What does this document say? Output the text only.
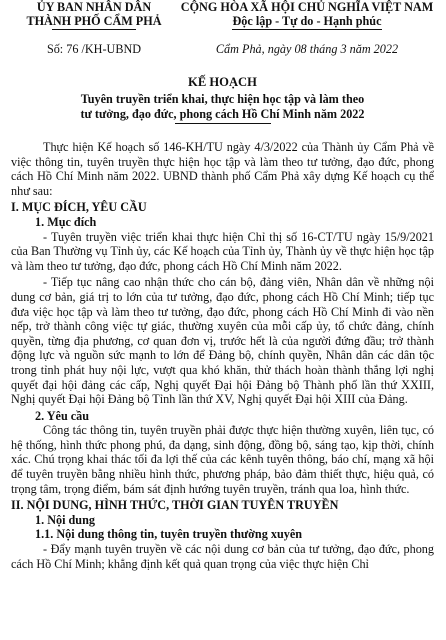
ỦY BAN NHÂN DÂN
THÀNH PHỐ CẨM PHẢ
CỘNG HÒA XÃ HỘI CHỦ NGHĨA VIỆT NAM
Độc lập - Tự do - Hạnh phúc
Số: 76 /KH-UBND	Cẩm Phả, ngày 08 tháng 3 năm 2022
KẾ HOẠCH
Tuyên truyền triển khai, thực hiện học tập và làm theo
tư tưởng, đạo đức, phong cách Hồ Chí Minh năm 2022

Thực hiện Kế hoạch số 146-KH/TU ngày 4/3/2022 của Thành ủy Cẩm Phả về việc thông tin, tuyên truyền thực hiện học tập và làm theo tư tưởng, đạo đức, phong cách Hồ Chí Minh năm 2022. UBND thành phố Cẩm Phả xây dựng Kế hoạch cụ thể như sau:

I. MỤC ĐÍCH, YÊU CẦU

1. Mục đích

- Tuyên truyền việc triển khai thực hiện Chỉ thị số 16-CT/TU ngày 15/9/2021 của Ban Thường vụ Tỉnh ủy, các Kế hoạch của Tỉnh ủy, Thành ủy về thực hiện học tập và làm theo tư tưởng, đạo đức, phong cách Hồ Chí Minh năm 2022.

- Tiếp tục nâng cao nhận thức cho cán bộ, đảng viên, Nhân dân về những nội dung cơ bản, giá trị to lớn của tư tưởng, đạo đức, phong cách Hồ Chí Minh; tiếp tục đưa việc học tập và làm theo tư tưởng, đạo đức, phong cách Hồ Chí Minh đi vào nền nếp, trở thành công việc tự giác, thường xuyên của mỗi cấp ủy, tổ chức đảng, chính quyền, từng địa phương, cơ quan đơn vị, trước hết là của người đứng đầu; trở thành động lực và nguồn sức mạnh to lớn để Đảng bộ, chính quyền, Nhân dân các dân tộc trong tỉnh phát huy nội lực, vượt qua khó khăn, thử thách hoàn thành thắng lợi nghị quyết đại hội đảng các cấp, Nghị quyết Đại hội Đảng bộ Thành phố lần thứ XXIII, Nghị quyết Đại hội Đảng bộ Tỉnh lần thứ XV, Nghị quyết Đại hội XIII của Đảng.

2. Yêu cầu

Công tác thông tin, tuyên truyền phải được thực hiện thường xuyên, liên tục, có hệ thống, hình thức phong phú, đa dạng, sinh động, đồng bộ, sáng tạo, kịp thời, chính xác. Chú trọng khai thác tối đa lợi thế của các kênh tuyên thông, báo chí, mạng xã hội để tuyên truyền bằng nhiều hình thức, phương pháp, bảo đảm thiết thực, hiệu quả, có trọng tâm, trọng điểm, bám sát định hướng tuyên truyền, tránh qua loa, hình thức.

II. NỘI DUNG, HÌNH THỨC, THỜI GIAN TUYÊN TRUYỀN

1. Nội dung

1.1. Nội dung thông tin, tuyên truyền thường xuyên

- Đẩy mạnh tuyên truyền về các nội dung cơ bản của tư tưởng, đạo đức, phong cách Hồ Chí Minh; khẳng định kết quả quan trọng của việc thực hiện Chỉ
